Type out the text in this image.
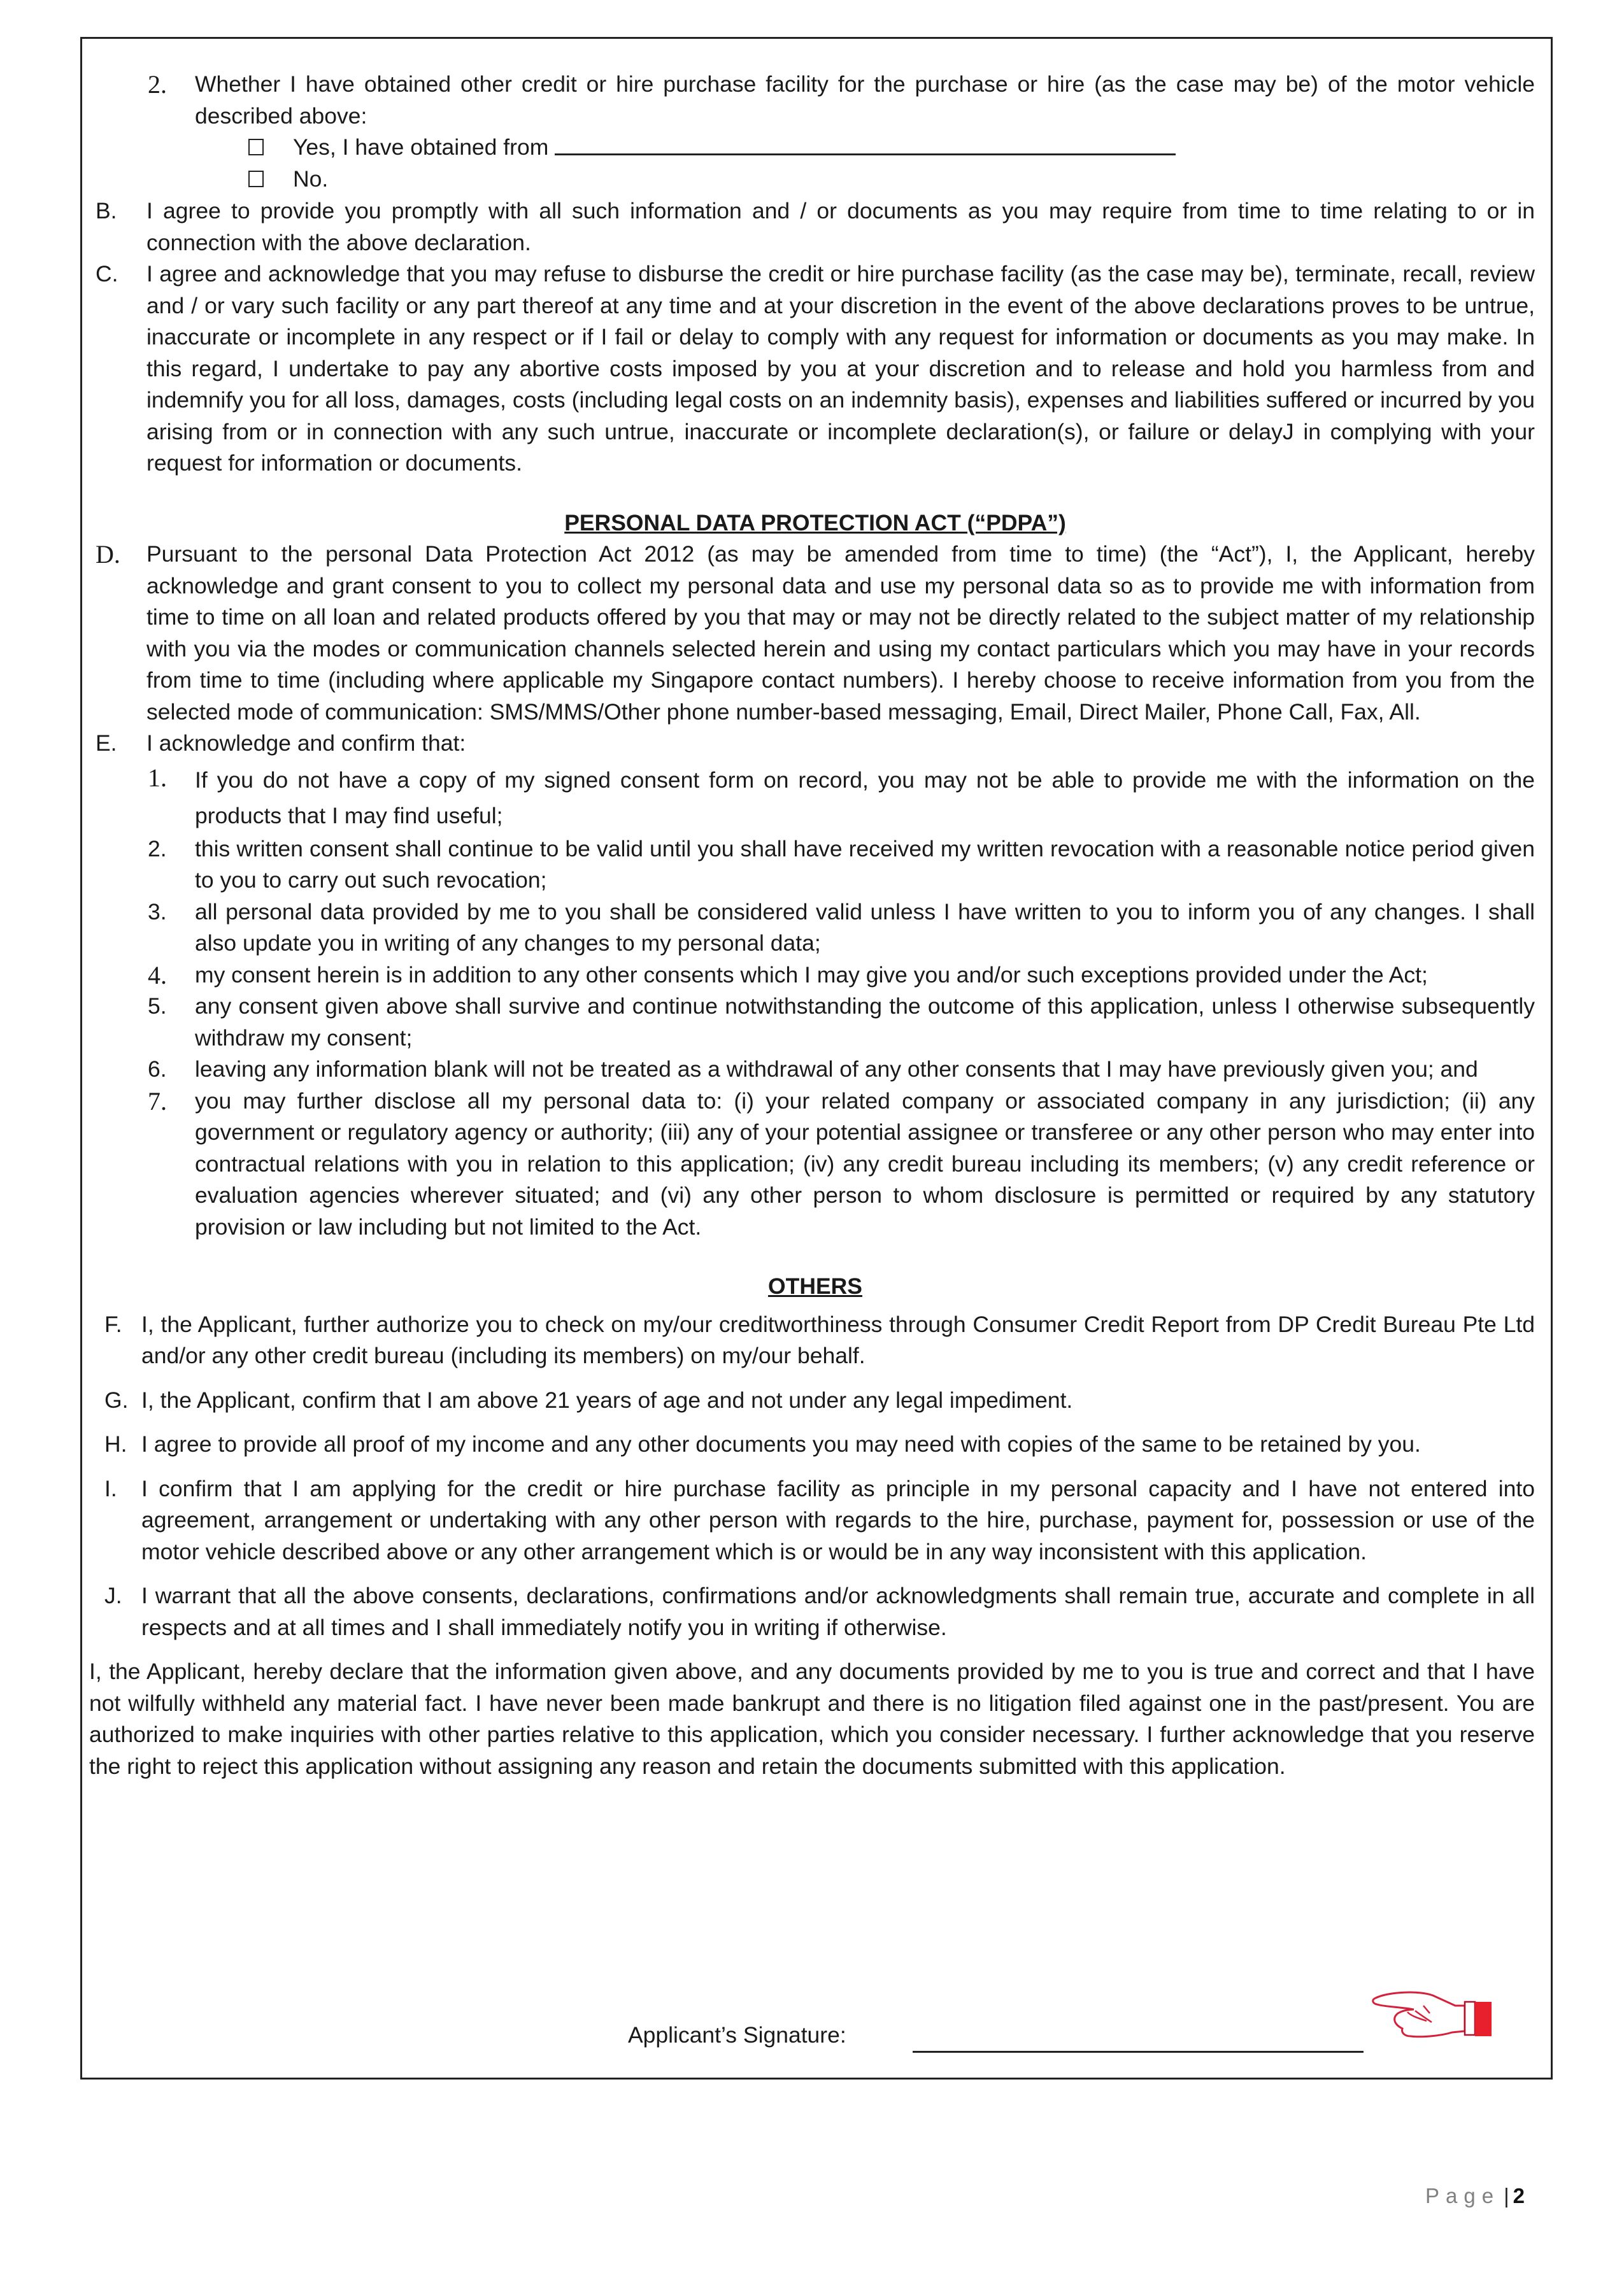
2. Whether I have obtained other credit or hire purchase facility for the purchase or hire (as the case may be) of the motor vehicle described above:
Yes, I have obtained from
No.
B. I agree to provide you promptly with all such information and / or documents as you may require from time to time relating to or in connection with the above declaration.
C. I agree and acknowledge that you may refuse to disburse the credit or hire purchase facility (as the case may be), terminate, recall, review and / or vary such facility or any part thereof at any time and at your discretion in the event of the above declarations proves to be untrue, inaccurate or incomplete in any respect or if I fail or delay to comply with any request for information or documents as you may make. In this regard, I undertake to pay any abortive costs imposed by you at your discretion and to release and hold you harmless from and indemnify you for all loss, damages, costs (including legal costs on an indemnity basis), expenses and liabilities suffered or incurred by you arising from or in connection with any such untrue, inaccurate or incomplete declaration(s), or failure or delayJ in complying with your request for information or documents.
PERSONAL DATA PROTECTION ACT (“PDPA”)
D. Pursuant to the personal Data Protection Act 2012 (as may be amended from time to time) (the “Act”), I, the Applicant, hereby acknowledge and grant consent to you to collect my personal data and use my personal data so as to provide me with information from time to time on all loan and related products offered by you that may or may not be directly related to the subject matter of my relationship with you via the modes or communication channels selected herein and using my contact particulars which you may have in your records from time to time (including where applicable my Singapore contact numbers). I hereby choose to receive information from you from the selected mode of communication: SMS/MMS/Other phone number-based messaging, Email, Direct Mailer, Phone Call, Fax, All.
E. I acknowledge and confirm that:
1. If you do not have a copy of my signed consent form on record, you may not be able to provide me with the information on the products that I may find useful;
2. this written consent shall continue to be valid until you shall have received my written revocation with a reasonable notice period given to you to carry out such revocation;
3. all personal data provided by me to you shall be considered valid unless I have written to you to inform you of any changes. I shall also update you in writing of any changes to my personal data;
4. my consent herein is in addition to any other consents which I may give you and/or such exceptions provided under the Act;
5. any consent given above shall survive and continue notwithstanding the outcome of this application, unless I otherwise subsequently withdraw my consent;
6. leaving any information blank will not be treated as a withdrawal of any other consents that I may have previously given you; and
7. you may further disclose all my personal data to: (i) your related company or associated company in any jurisdiction; (ii) any government or regulatory agency or authority; (iii) any of your potential assignee or transferee or any other person who may enter into contractual relations with you in relation to this application; (iv) any credit bureau including its members; (v) any credit reference or evaluation agencies wherever situated; and (vi) any other person to whom disclosure is permitted or required by any statutory provision or law including but not limited to the Act.
OTHERS
F. I, the Applicant, further authorize you to check on my/our creditworthiness through Consumer Credit Report from DP Credit Bureau Pte Ltd and/or any other credit bureau (including its members) on my/our behalf.
G. I, the Applicant, confirm that I am above 21 years of age and not under any legal impediment.
H. I agree to provide all proof of my income and any other documents you may need with copies of the same to be retained by you.
I. I confirm that I am applying for the credit or hire purchase facility as principle in my personal capacity and I have not entered into agreement, arrangement or undertaking with any other person with regards to the hire, purchase, payment for, possession or use of the motor vehicle described above or any other arrangement which is or would be in any way inconsistent with this application.
J. I warrant that all the above consents, declarations, confirmations and/or acknowledgments shall remain true, accurate and complete in all respects and at all times and I shall immediately notify you in writing if otherwise.
I, the Applicant, hereby declare that the information given above, and any documents provided by me to you is true and correct and that I have not wilfully withheld any material fact. I have never been made bankrupt and there is no litigation filed against one in the past/present. You are authorized to make inquiries with other parties relative to this application, which you consider necessary. I further acknowledge that you reserve the right to reject this application without assigning any reason and retain the documents submitted with this application.
Applicant’s Signature:
Page | 2
